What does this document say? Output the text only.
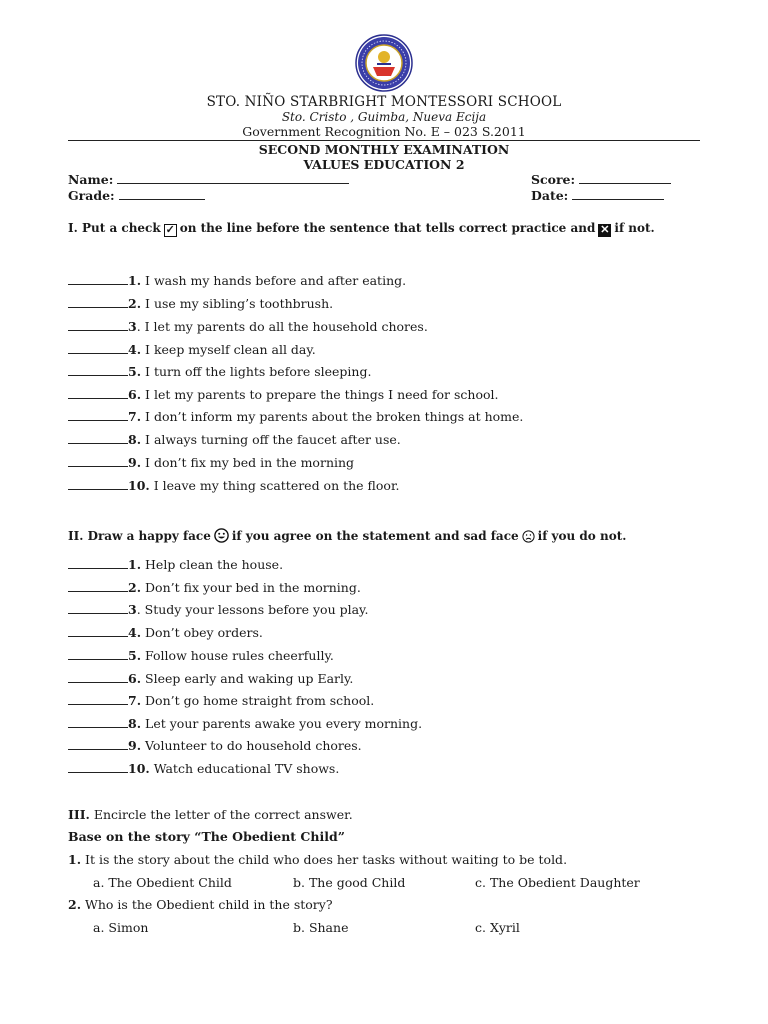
STO. NIÑO STARBRIGHT MONTESSORI SCHOOL
Sto. Cristo , Guimba, Nueva Ecija
Government Recognition No. E – 023 S.2011
SECOND MONTHLY EXAMINATION
VALUES EDUCATION 2
Name:	Score:
Grade:	Date:
I. Put a check ✓ on the line before the sentence that tells correct practice and ✕ if not.
1. I wash my hands before and after eating.
2. I use my sibling’s toothbrush.
3. I let my parents do all the household chores.
4. I keep myself clean all day.
5. I turn off the lights before sleeping.
6. I let my parents to prepare the things I need for school.
7. I don’t inform my parents about the broken things at home.
8. I always turning off the faucet after use.
9. I don’t fix my bed in the morning
10. I leave my thing scattered on the floor.
II. Draw a happy face if you agree on the statement and sad face if you do not.
1. Help clean the house.
2. Don’t fix your bed in the morning.
3. Study your lessons before you play.
4. Don’t obey orders.
5. Follow house rules cheerfully.
6. Sleep early and waking up Early.
7. Don’t go home straight from school.
8. Let your parents awake you every morning.
9. Volunteer to do household chores.
10. Watch educational TV shows.
III. Encircle the letter of the correct answer.
Base on the story “The Obedient Child”
1. It is the story about the child who does her tasks without waiting to be told.
a. The Obedient Child	b. The good Child	c. The Obedient Daughter
2. Who is the Obedient child in the story?
a. Simon	b. Shane	c. Xyril
